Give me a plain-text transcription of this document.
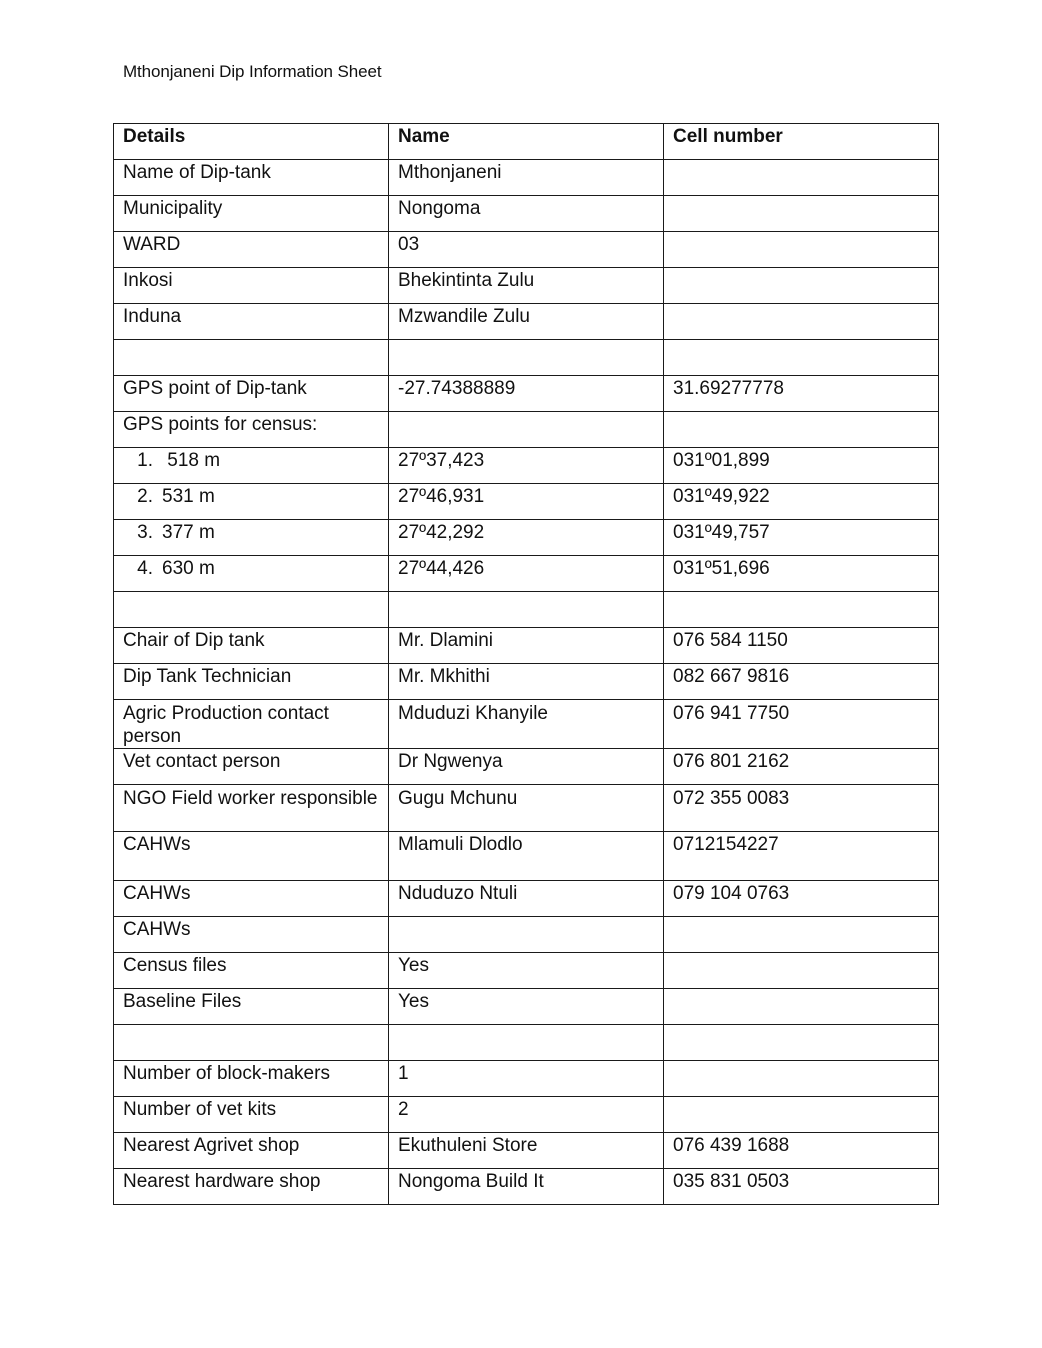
Mthonjaneni Dip Information Sheet
Details	Name	Cell number
Name of Dip-tank	Mthonjaneni	
Municipality	Nongoma	
WARD	03	
Inkosi	Bhekintinta Zulu	
Induna	Mzwandile Zulu	

GPS point of Dip-tank	-27.74388889	31.69277778
GPS points for census:		
1. 518 m	27º37,423	031º01,899
2. 531 m	27º46,931	031º49,922
3. 377 m	27º42,292	031º49,757
4. 630 m	27º44,426	031º51,696

Chair of Dip tank	Mr. Dlamini	076 584 1150
Dip Tank Technician	Mr. Mkhithi	082 667 9816
Agric Production contact person	Mduduzi Khanyile	076 941 7750
Vet contact person	Dr Ngwenya	076 801 2162
NGO Field worker responsible	Gugu Mchunu	072 355 0083
CAHWs	Mlamuli Dlodlo	0712154227
CAHWs	Nduduzo Ntuli	079 104 0763
CAHWs		
Census files	Yes	
Baseline Files	Yes	

Number of block-makers	1	
Number of vet kits	2	
Nearest Agrivet shop	Ekuthuleni Store	076 439 1688
Nearest hardware shop	Nongoma Build It	035 831 0503
